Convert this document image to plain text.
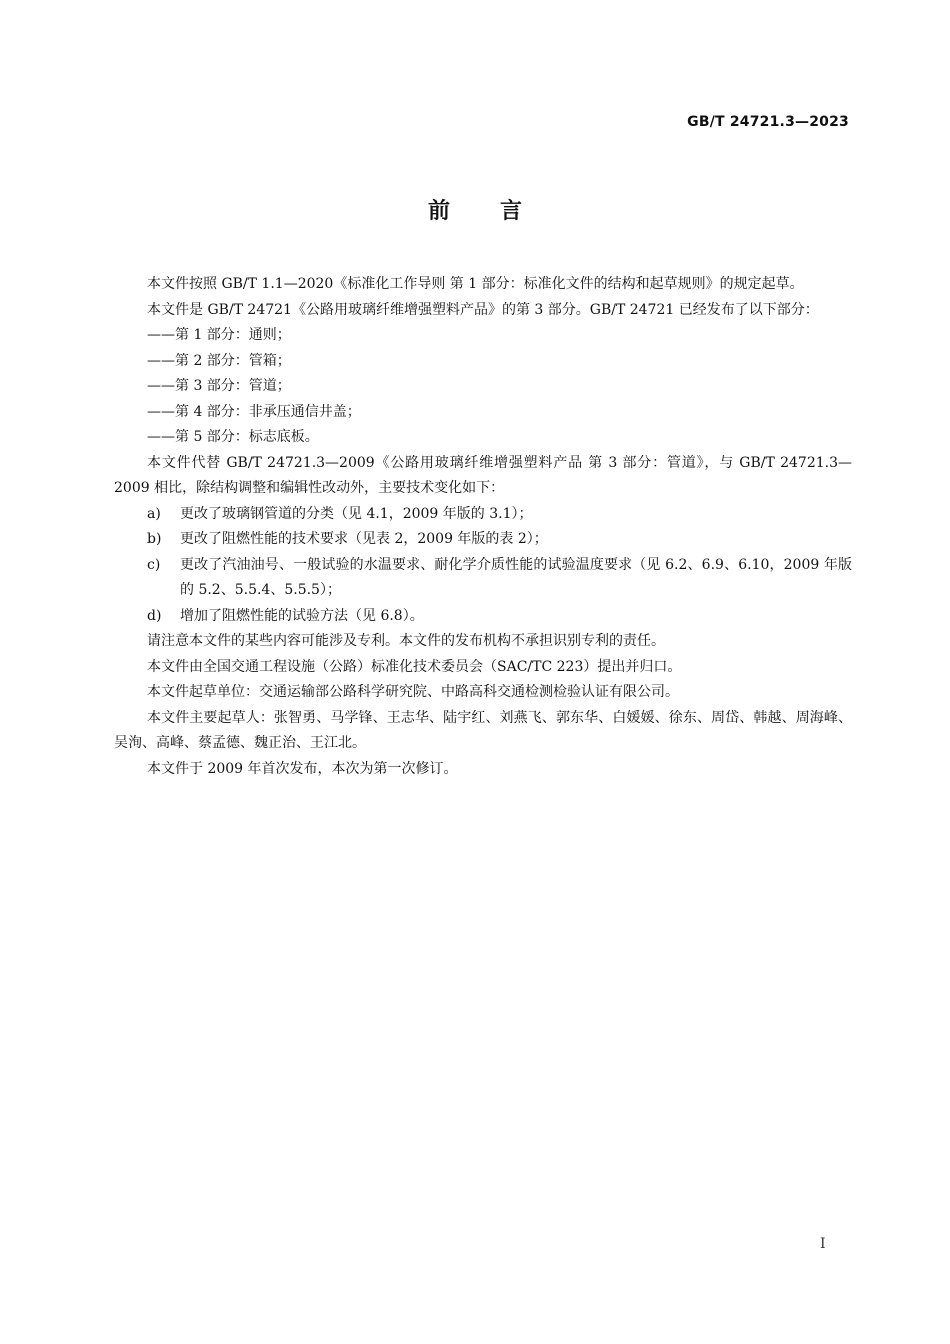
GB/T 24721.3—2023
前 言

本文件按照 GB/T 1.1—2020《标准化工作导则 第 1 部分：标准化文件的结构和起草规则》的规定起草。

本文件是 GB/T 24721《公路用玻璃纤维增强塑料产品》的第 3 部分。GB/T 24721 已经发布了以下部分：

——第 1 部分：通则；

——第 2 部分：管箱；

——第 3 部分：管道；

——第 4 部分：非承压通信井盖；

——第 5 部分：标志底板。

本文件代替 GB/T 24721.3—2009《公路用玻璃纤维增强塑料产品 第 3 部分：管道》，与 GB/T 24721.3—2009 相比，除结构调整和编辑性改动外，主要技术变化如下：

a) 更改了玻璃钢管道的分类（见 4.1，2009 年版的 3.1）；

b) 更改了阻燃性能的技术要求（见表 2，2009 年版的表 2）；

c) 更改了汽油油号、一般试验的水温要求、耐化学介质性能的试验温度要求（见 6.2、6.9、6.10，2009 年版的 5.2、5.5.4、5.5.5）；

d) 增加了阻燃性能的试验方法（见 6.8）。

请注意本文件的某些内容可能涉及专利。本文件的发布机构不承担识别专利的责任。

本文件由全国交通工程设施（公路）标准化技术委员会（SAC/TC 223）提出并归口。

本文件起草单位：交通运输部公路科学研究院、中路高科交通检测检验认证有限公司。

本文件主要起草人：张智勇、马学锋、王志华、陆宇红、刘燕飞、郭东华、白媛媛、徐东、周岱、韩越、周海峰、吴洵、高峰、蔡孟德、魏正治、王江北。

本文件于 2009 年首次发布，本次为第一次修订。

I
